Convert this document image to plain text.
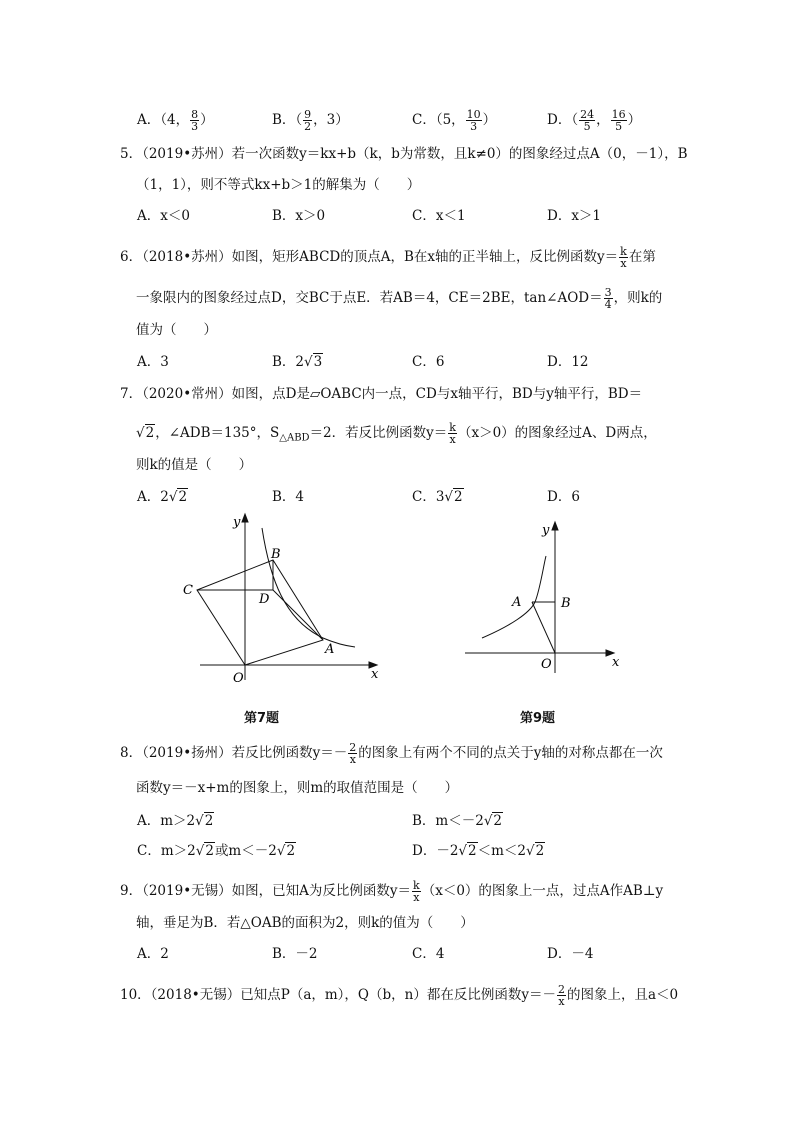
A．（4， $\frac{8}{3}$ ）	B．（ $\frac{9}{2}$ ，3）	C．（5， $\frac{10}{3}$ ）	D．（ $\frac{24}{5}$ ， $\frac{16}{5}$ ）
5．（2019•苏州）若一次函数y＝kx+b（k，b为常数，且k≠0）的图象经过点A（0，－1），B
（1，1），则不等式kx+b＞1的解集为（　　）
A．x＜0	B．x＞0	C．x＜1	D．x＞1
6．（2018•苏州）如图，矩形ABCD的顶点A，B在x轴的正半轴上，反比例函数$y= \frac{k}{x}$ 在第
一象限内的图象经过点D，交BC于点E．若AB＝4，CE＝2BE，tan∠AOD＝ $\frac{3}{4}$ ，则k的
值为（　　）
A．3	B．2√3	C．6	D．12
7．（2020•常州）如图，点D是▱OABC内一点，CD与x轴平行，BD与y轴平行，BD＝
√2，∠ADB＝135°，$S_{\triangle ABD}=2$．若反比例函数$y= \frac{k}{x} (x>0)$的图象经过A、D两点，
则k的值是（　　）
A．2√2	B．4	C．3√2	D．6
y
x
O
A
B
C
D
第7题
y
x
O
A	B
第9题
8．（2019•扬州）若反比例函数$y=- \frac{2}{x}$ 的图象上有两个不同的点关于y轴的对称点都在一次
函数y＝－x+m的图象上，则m的取值范围是（　　）
A．m＞2√2	B．m＜－2√2
C．m＞2√2或m＜－2√2	D．－2√2＜m＜2√2
9．（2019•无锡）如图，已知A为反比例函数$y= \frac{k}{x} (x<0)$的图象上一点，过点A作AB⊥y
轴，垂足为B．若△OAB的面积为2，则k的值为（　　）
A．2	B．－2	C．4	D．－4
10．（2018•无锡）已知点P（a，m），Q（b，n）都在反比例函数$y=- \frac{2}{x}$ 的图象上，且a＜0
